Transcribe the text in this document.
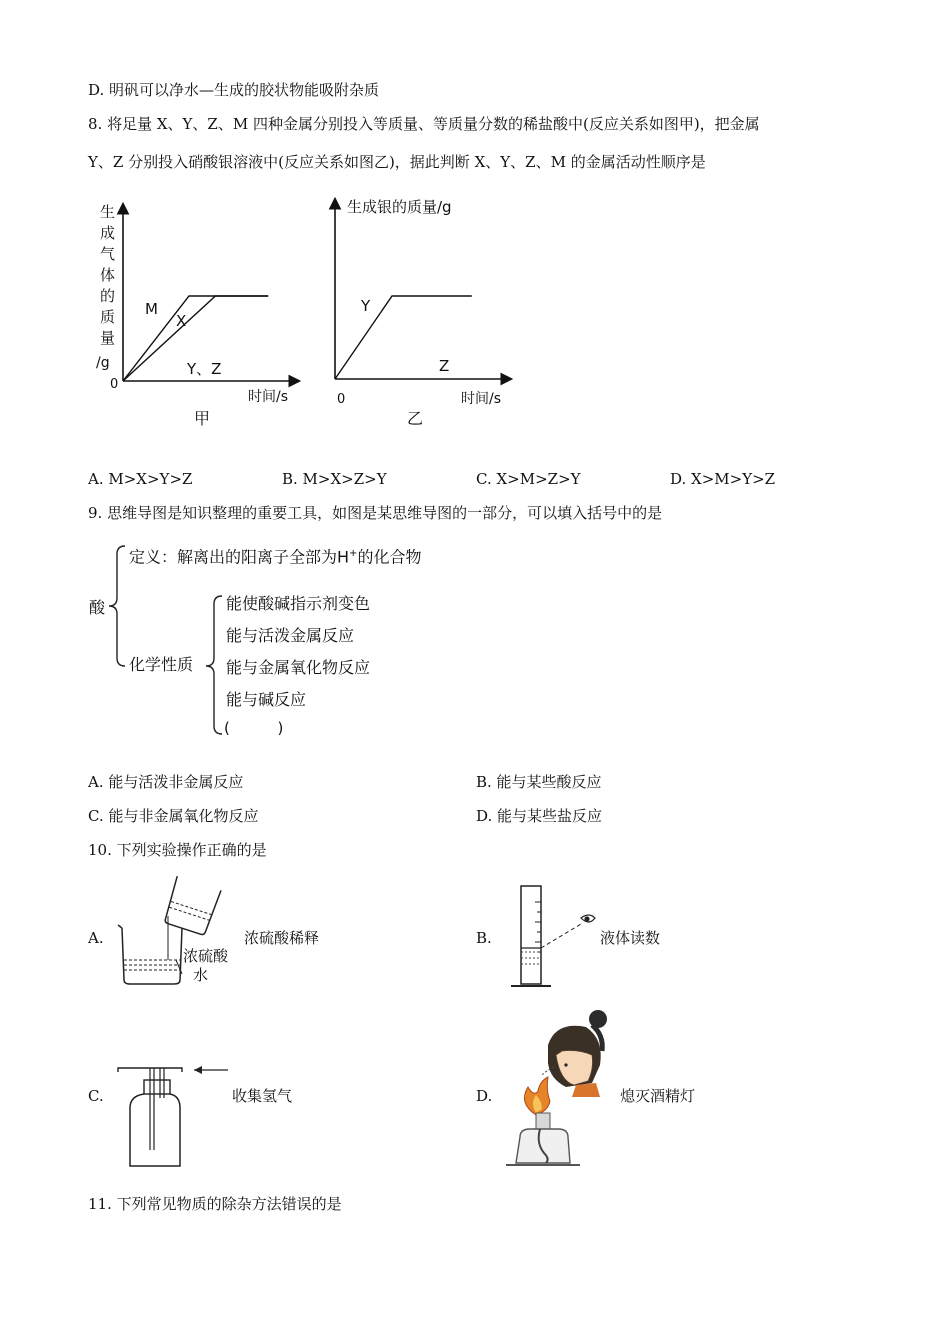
D. 明矾可以净水—生成的胶状物能吸附杂质
8. 将足量 X、Y、Z、M 四种金属分别投入等质量、等质量分数的稀盐酸中(反应关系如图甲)，把金属
Y、Z 分别投入硝酸银溶液中(反应关系如图乙)，据此判断 X、Y、Z、M 的金属活动性顺序是
生成气体的质量
/g
0
M
X
Y、Z
时间/s
甲
生成银的质量/g
0
Y
Z
时间/s
乙
A. M>X>Y>Z	B. M>X>Z>Y	C. X>M>Z>Y	D. X>M>Y>Z
9. 思维导图是知识整理的重要工具，如图是某思维导图的一部分，可以填入括号中的是
酸
定义：解离出的阳离子全部为H+的化合物
化学性质
能使酸碱指示剂变色
能与活泼金属反应
能与金属氧化物反应
能与碱反应
(          )
A. 能与活泼非金属反应	B. 能与某些酸反应
C. 能与非金属氧化物反应	D. 能与某些盐反应
10. 下列实验操作正确的是
A.
浓硫酸
水
浓硫酸稀释	B.	液体读数
C.	收集氢气	D.	熄灭酒精灯
11. 下列常见物质的除杂方法错误的是
